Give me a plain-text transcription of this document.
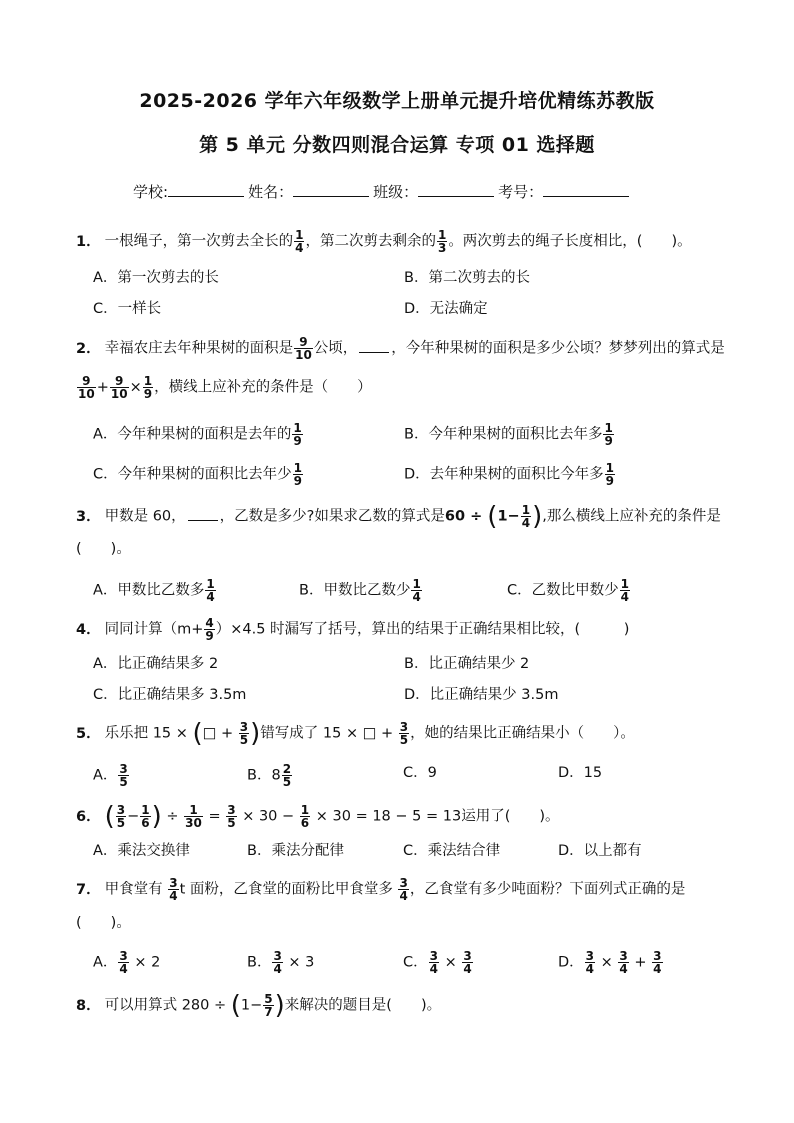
2025-2026 学年六年级数学上册单元提升培优精练苏教版
第 5 单元 分数四则混合运算 专项 01 选择题
学校:	姓名：	班级：	考号：
1． 一根绳子，第一次剪去全长的 $\frac{1}{4}$ ，第二次剪去剩余的 $\frac{1}{3}$ 。两次剪去的绳子长度相比，(　　)。
A．第一次剪去的长	B．第二次剪去的长
C．一样长	D．无法确定
2． 幸福农庄去年种果树的面积是 $\frac{9}{10}$ 公顷， ，今年种果树的面积是多少公顷？梦梦列出的算式是
$\frac{9}{10} + \frac{9}{10} \times \frac{1}{9}$ ，横线上应补充的条件是（　　）
A．今年种果树的面积是去年的 $\frac{1}{9}$	B．今年种果树的面积比去年多 $\frac{1}{9}$
C．今年种果树的面积比去年少 $\frac{1}{9}$	D．去年种果树的面积比今年多 $\frac{1}{9}$
3． 甲数是 60， ，乙数是多少?如果求乙数的算式是$60 \div (1- \frac{1}{4}$ ),那么横线上应补充的条件是
(　　)。
A．甲数比乙数多 $\frac{1}{4}$	B．甲数比乙数少 $\frac{1}{4}$	C．乙数比甲数少 $\frac{1}{4}$
4． 同同计算$(m+ \frac{4}{9} )\times 4.5$ 时漏写了括号，算出的结果于正确结果相比较，(　　　)
A．比正确结果多 2	B．比正确结果少 2
C．比正确结果多 3.5m	D．比正确结果少 3.5m
5． 乐乐把 15 × (□ + $\frac{3}{5}$ )错写成了 15 × □ + $\frac{3}{5}$ ，她的结果比正确结果小（　　）。
A． $\frac{3}{5}$	B．$8 \frac{2}{5}$	C．9	D．15
6． ( $\frac{3}{5} - \frac{1}{6}$ ) ÷ $\frac{1}{30} = \frac{3}{5} \times 30 - \frac{1}{6} \times 30 = 18 - 5 = 13$运用了(　　)。
A．乘法交换律	B．乘法分配律	C．乘法结合律	D．以上都有
7． 甲食堂有 $\frac{3}{4}$ t 面粉，乙食堂的面粉比甲食堂多 $\frac{3}{4}$ ，乙食堂有多少吨面粉？下面列式正确的是
(　　)。
A． $\frac{3}{4} \times 2$	B． $\frac{3}{4} \times 3$	C． $\frac{3}{4} \times \frac{3}{4}$	D． $\frac{3}{4} \times \frac{3}{4} + \frac{3}{4}$
8． 可以用算式 $280 \div (1- \frac{5}{7}$ )来解决的题目是(　　)。
